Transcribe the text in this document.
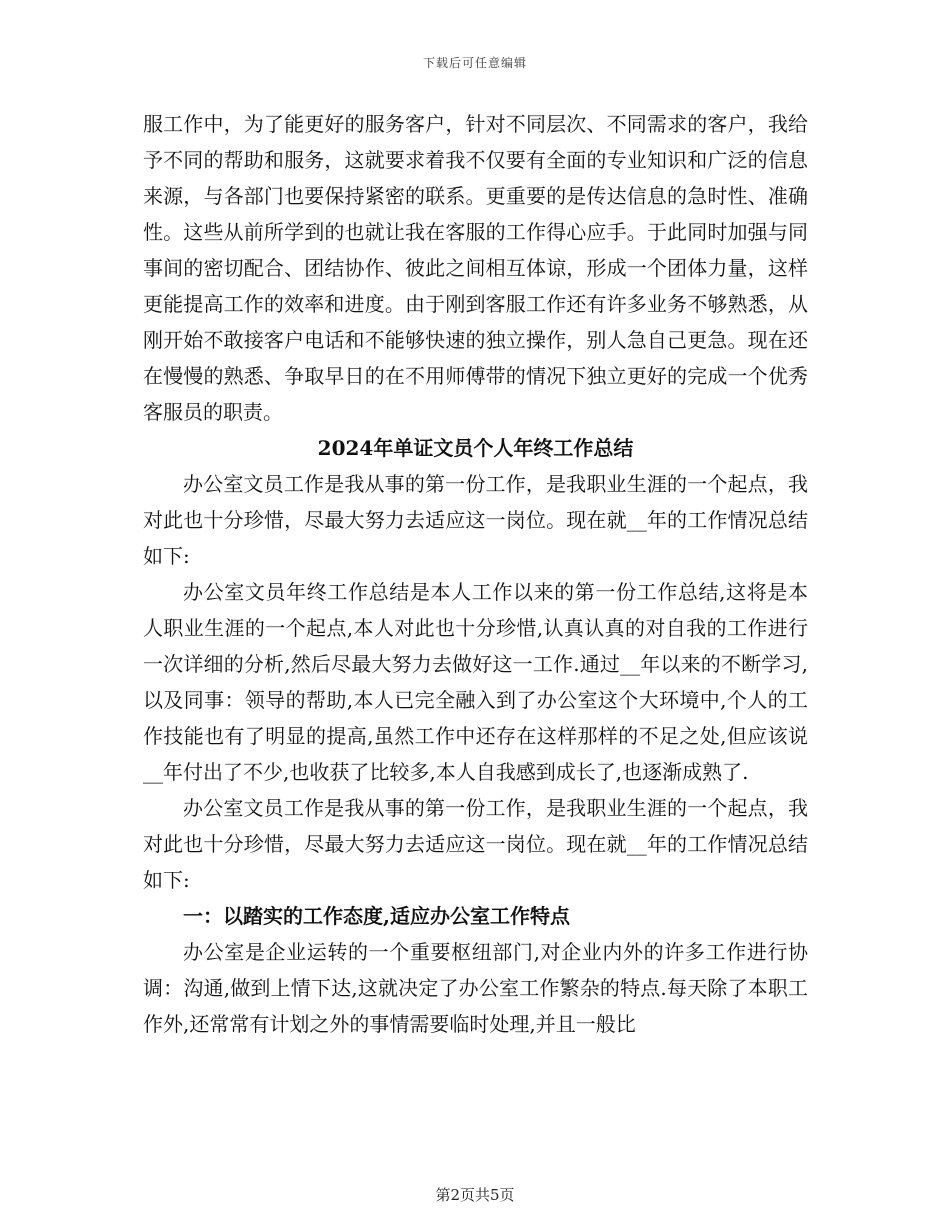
下载后可任意编辑

服工作中，为了能更好的服务客户，针对不同层次、不同需求的客户，我给予不同的帮助和服务，这就要求着我不仅要有全面的专业知识和广泛的信息来源，与各部门也要保持紧密的联系。更重要的是传达信息的急时性、准确性。这些从前所学到的也就让我在客服的工作得心应手。于此同时加强与同事间的密切配合、团结协作、彼此之间相互体谅，形成一个团体力量，这样更能提高工作的效率和进度。由于刚到客服工作还有许多业务不够熟悉，从刚开始不敢接客户电话和不能够快速的独立操作，别人急自己更急。现在还在慢慢的熟悉、争取早日的在不用师傅带的情况下独立更好的完成一个优秀客服员的职责。

2024年单证文员个人年终工作总结

办公室文员工作是我从事的第一份工作，是我职业生涯的一个起点，我对此也十分珍惜，尽最大努力去适应这一岗位。现在就__年的工作情况总结如下:

办公室文员年终工作总结是本人工作以来的第一份工作总结,这将是本人职业生涯的一个起点,本人对此也十分珍惜,认真认真的对自我的工作进行一次详细的分析,然后尽最大努力去做好这一工作.通过__年以来的不断学习,以及同事：领导的帮助,本人已完全融入到了办公室这个大环境中,个人的工作技能也有了明显的提高,虽然工作中还存在这样那样的不足之处,但应该说__年付出了不少,也收获了比较多,本人自我感到成长了,也逐渐成熟了.

办公室文员工作是我从事的第一份工作，是我职业生涯的一个起点，我对此也十分珍惜，尽最大努力去适应这一岗位。现在就__年的工作情况总结如下:

一：以踏实的工作态度,适应办公室工作特点

办公室是企业运转的一个重要枢纽部门,对企业内外的许多工作进行协调：沟通,做到上情下达,这就决定了办公室工作繁杂的特点.每天除了本职工作外,还常常有计划之外的事情需要临时处理,并且一般比

第2页共5页
